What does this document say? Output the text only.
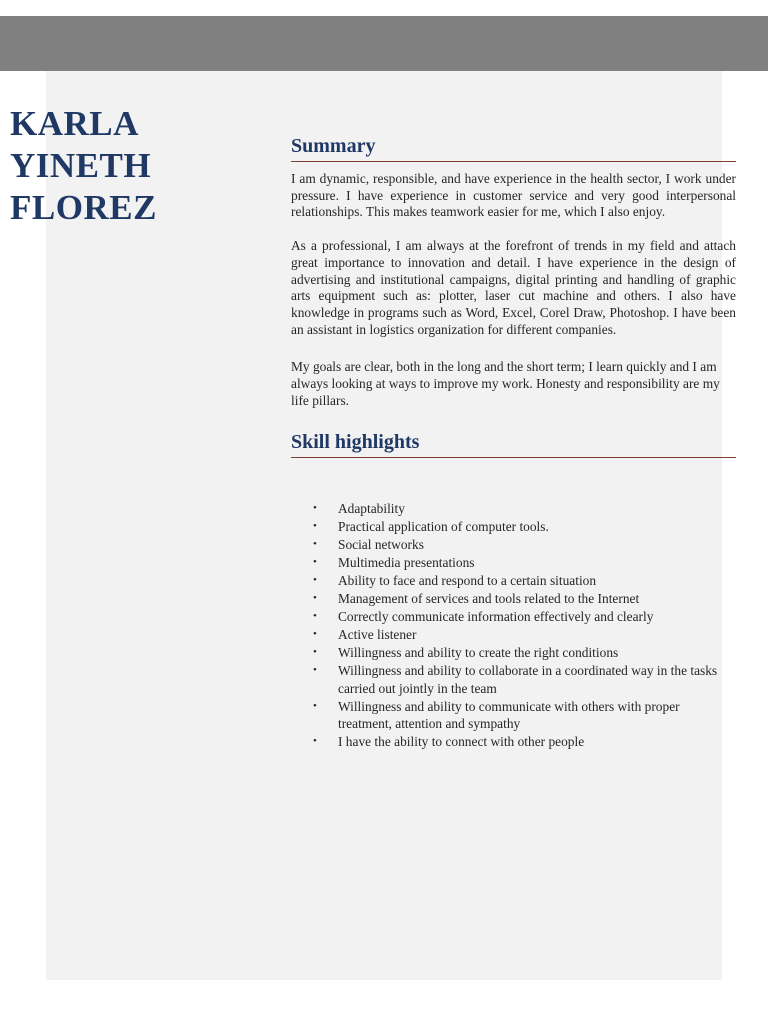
KARLA
YINETH
FLOREZ
Summary

I am dynamic, responsible, and have experience in the health sector, I work under pressure. I have experience in customer service and very good interpersonal relationships. This makes teamwork easier for me, which I also enjoy.

As a professional, I am always at the forefront of trends in my field and attach great importance to innovation and detail. I have experience in the design of advertising and institutional campaigns, digital printing and handling of graphic arts equipment such as: plotter, laser cut machine and others. I also have knowledge in programs such as Word, Excel, Corel Draw, Photoshop. I have been an assistant in logistics organization for different companies.

My goals are clear, both in the long and the short term; I learn quickly and I am always looking at ways to improve my work. Honesty and responsibility are my life pillars.

Skill highlights
• Adaptability
• Practical application of computer tools.
• Social networks
• Multimedia presentations
• Ability to face and respond to a certain situation
• Management of services and tools related to the Internet
• Correctly communicate information effectively and clearly
• Active listener
• Willingness and ability to create the right conditions
• Willingness and ability to collaborate in a coordinated way in the tasks carried out jointly in the team
• Willingness and ability to communicate with others with proper treatment, attention and sympathy
• I have the ability to connect with other people
